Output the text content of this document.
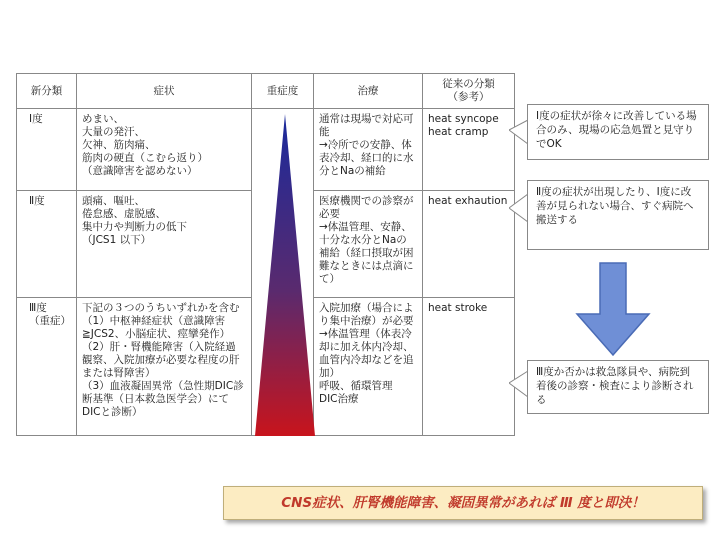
新分類	症状	重症度	治療	従来の分類
（参考）
Ⅰ度	めまい、
大量の発汗、
欠神、筋肉痛、
筋肉の硬直（こむら返り）
（意識障害を認めない）		通常は現場で対応可能
→冷所での安静、体表冷却、経口的に水分とNaの補給	heat syncope
heat cramp
Ⅱ度	頭痛、嘔吐、
倦怠感、虚脱感、
集中力や判断力の低下
（JCS1 以下）		医療機関での診察が必要
→体温管理、安静、十分な水分とNaの補給（経口摂取が困難なときには点滴にて）	heat exhaution
Ⅲ度
（重症）	下記の３つのうちいずれかを含む
（1）中枢神経症状（意識障害≧JCS2、小脳症状、痙攣発作）
（2）肝・腎機能障害（入院経過観察、入院加療が必要な程度の肝または腎障害）
（3）血液凝固異常（急性期DIC診断基準（日本救急医学会）にてDICと診断）		入院加療（場合により集中治療）が必要
→体温管理（体表冷却に加え体内冷却、血管内冷却などを追加）
呼吸、循環管理
DIC治療	heat stroke
Ⅰ度の症状が徐々に改善している場合のみ、現場の応急処置と見守りでOK
Ⅱ度の症状が出現したり、Ⅰ度に改善が見られない場合、すぐ病院へ搬送する
Ⅲ度か否かは救急隊員や、病院到着後の診察・検査により診断される
CNS症状、肝腎機能障害、凝固異常があれば Ⅲ 度と即決！
